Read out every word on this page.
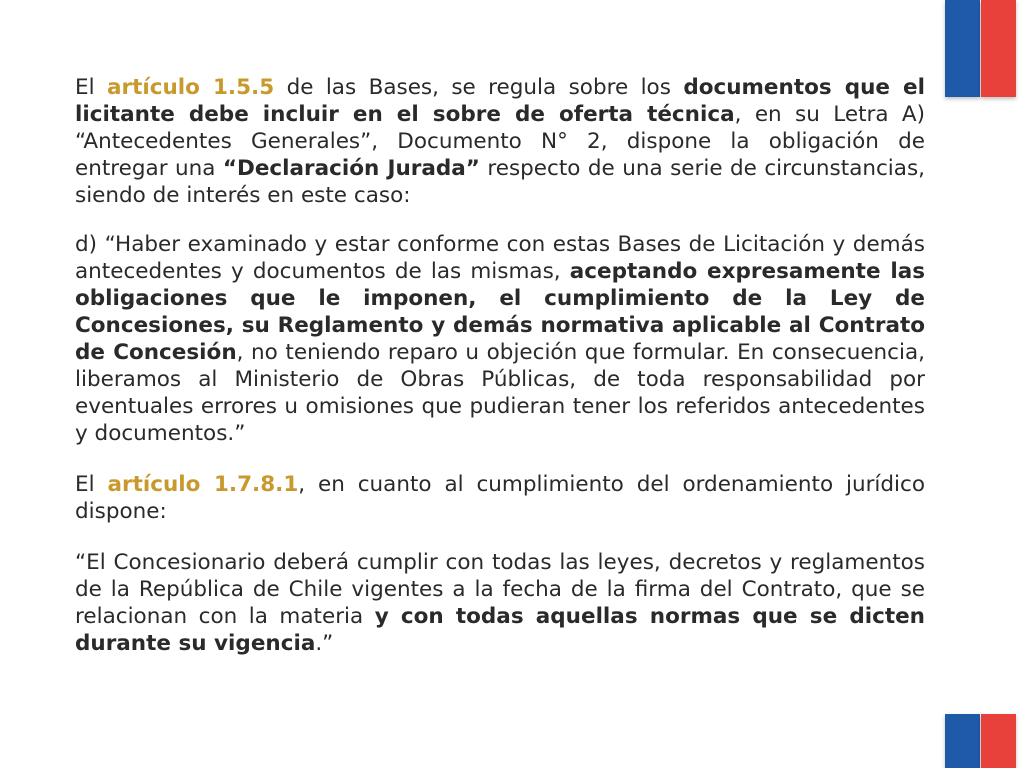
El artículo 1.5.5 de las Bases, se regula sobre los documentos que el licitante debe incluir en el sobre de oferta técnica, en su Letra A) “Antecedentes Generales”, Documento N° 2, dispone la obligación de entregar una “Declaración Jurada” respecto de una serie de circunstancias, siendo de interés en este caso:

d) “Haber examinado y estar conforme con estas Bases de Licitación y demás antecedentes y documentos de las mismas, aceptando expresamente las obligaciones que le imponen, el cumplimiento de la Ley de Concesiones, su Reglamento y demás normativa aplicable al Contrato de Concesión, no teniendo reparo u objeción que formular. En consecuencia, liberamos al Ministerio de Obras Públicas, de toda responsabilidad por eventuales errores u omisiones que pudieran tener los referidos antecedentes y documentos.”

El artículo 1.7.8.1, en cuanto al cumplimiento del ordenamiento jurídico dispone:

“El Concesionario deberá cumplir con todas las leyes, decretos y reglamentos de la República de Chile vigentes a la fecha de la firma del Contrato, que se relacionan con la materia y con todas aquellas normas que se dicten durante su vigencia.”
